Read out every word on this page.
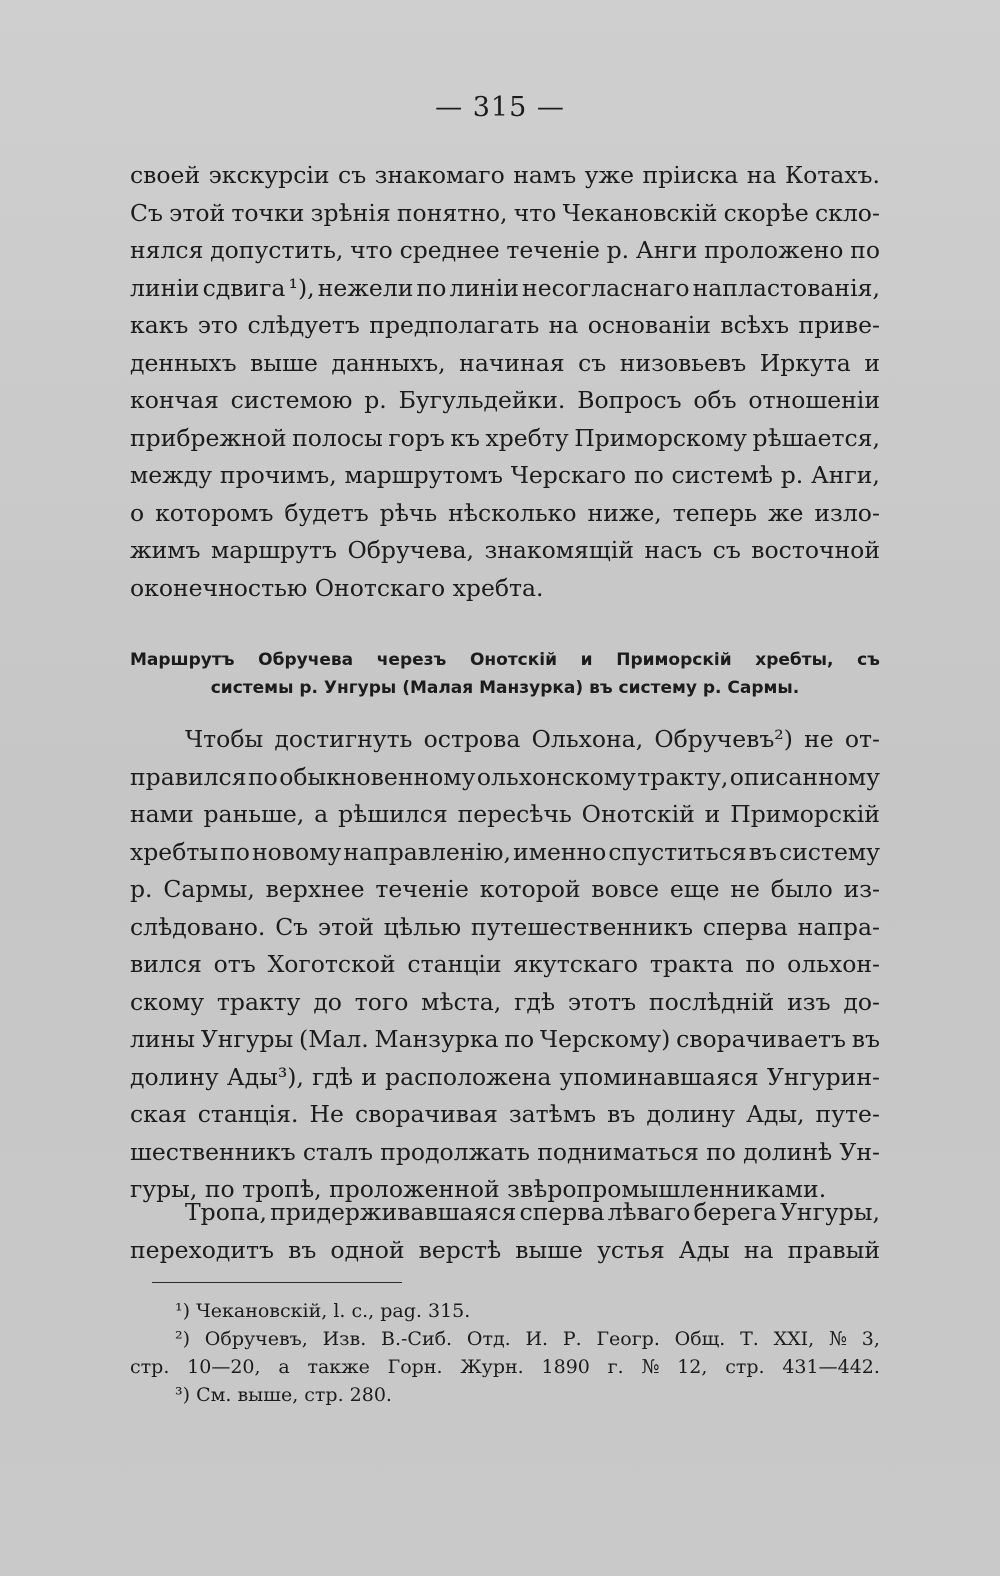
— 315 —
своей экскурсіи съ знакомаго намъ уже пріиска на Котахъ.
Съ этой точки зрѣнія понятно, что Чекановскій скорѣе скло-
нялся допустить, что среднее теченіе р. Анги проложено по
линіи сдвига ¹), нежели по линіи несогласнаго напластованія,
какъ это слѣдуетъ предполагать на основаніи всѣхъ приве-
денныхъ выше данныхъ, начиная съ низовьевъ Иркута и
кончая системою р. Бугульдейки. Вопросъ объ отношеніи
прибрежной полосы горъ къ хребту Приморскому рѣшается,
между прочимъ, маршрутомъ Черскаго по системѣ р. Анги,
о которомъ будетъ рѣчь нѣсколько ниже, теперь же изло-
жимъ маршрутъ Обручева, знакомящій насъ съ восточной
оконечностью Онотскаго хребта.
Маршрутъ Обручева черезъ Онотскій и Приморскій хребты, съ
системы р. Унгуры (Малая Манзурка) въ систему р. Сармы.
Чтобы достигнуть острова Ольхона, Обручевъ²) не от-
правился по обыкновенному ольхонскому тракту, описанному
нами раньше, а рѣшился пересѣчь Онотскій и Приморскій
хребты по новому направленію, именно спуститься въ систему
р. Сармы, верхнее теченіе которой вовсе еще не было из-
слѣдовано. Съ этой цѣлью путешественникъ сперва напра-
вился отъ Хоготской станціи якутскаго тракта по ольхон-
скому тракту до того мѣста, гдѣ этотъ послѣдній изъ до-
лины Унгуры (Мал. Манзурка по Черскому) сворачиваетъ въ
долину Ады³), гдѣ и расположена упоминавшаяся Унгурин-
ская станція. Не сворачивая затѣмъ въ долину Ады, путе-
шественникъ сталъ продолжать подниматься по долинѣ Ун-
гуры, по тропѣ, проложенной звѣропромышленниками.
Тропа, придерживавшаяся сперва лѣваго берега Унгуры,
переходитъ въ одной верстѣ выше устья Ады на правый
¹) Чекановскій, l. c., pag. 315.
²) Обручевъ, Изв. В.-Сиб. Отд. И. Р. Геогр. Общ. Т. XXI, № 3,
стр. 10—20, а также Горн. Журн. 1890 г. № 12, стр. 431—442.
³) См. выше, стр. 280.
